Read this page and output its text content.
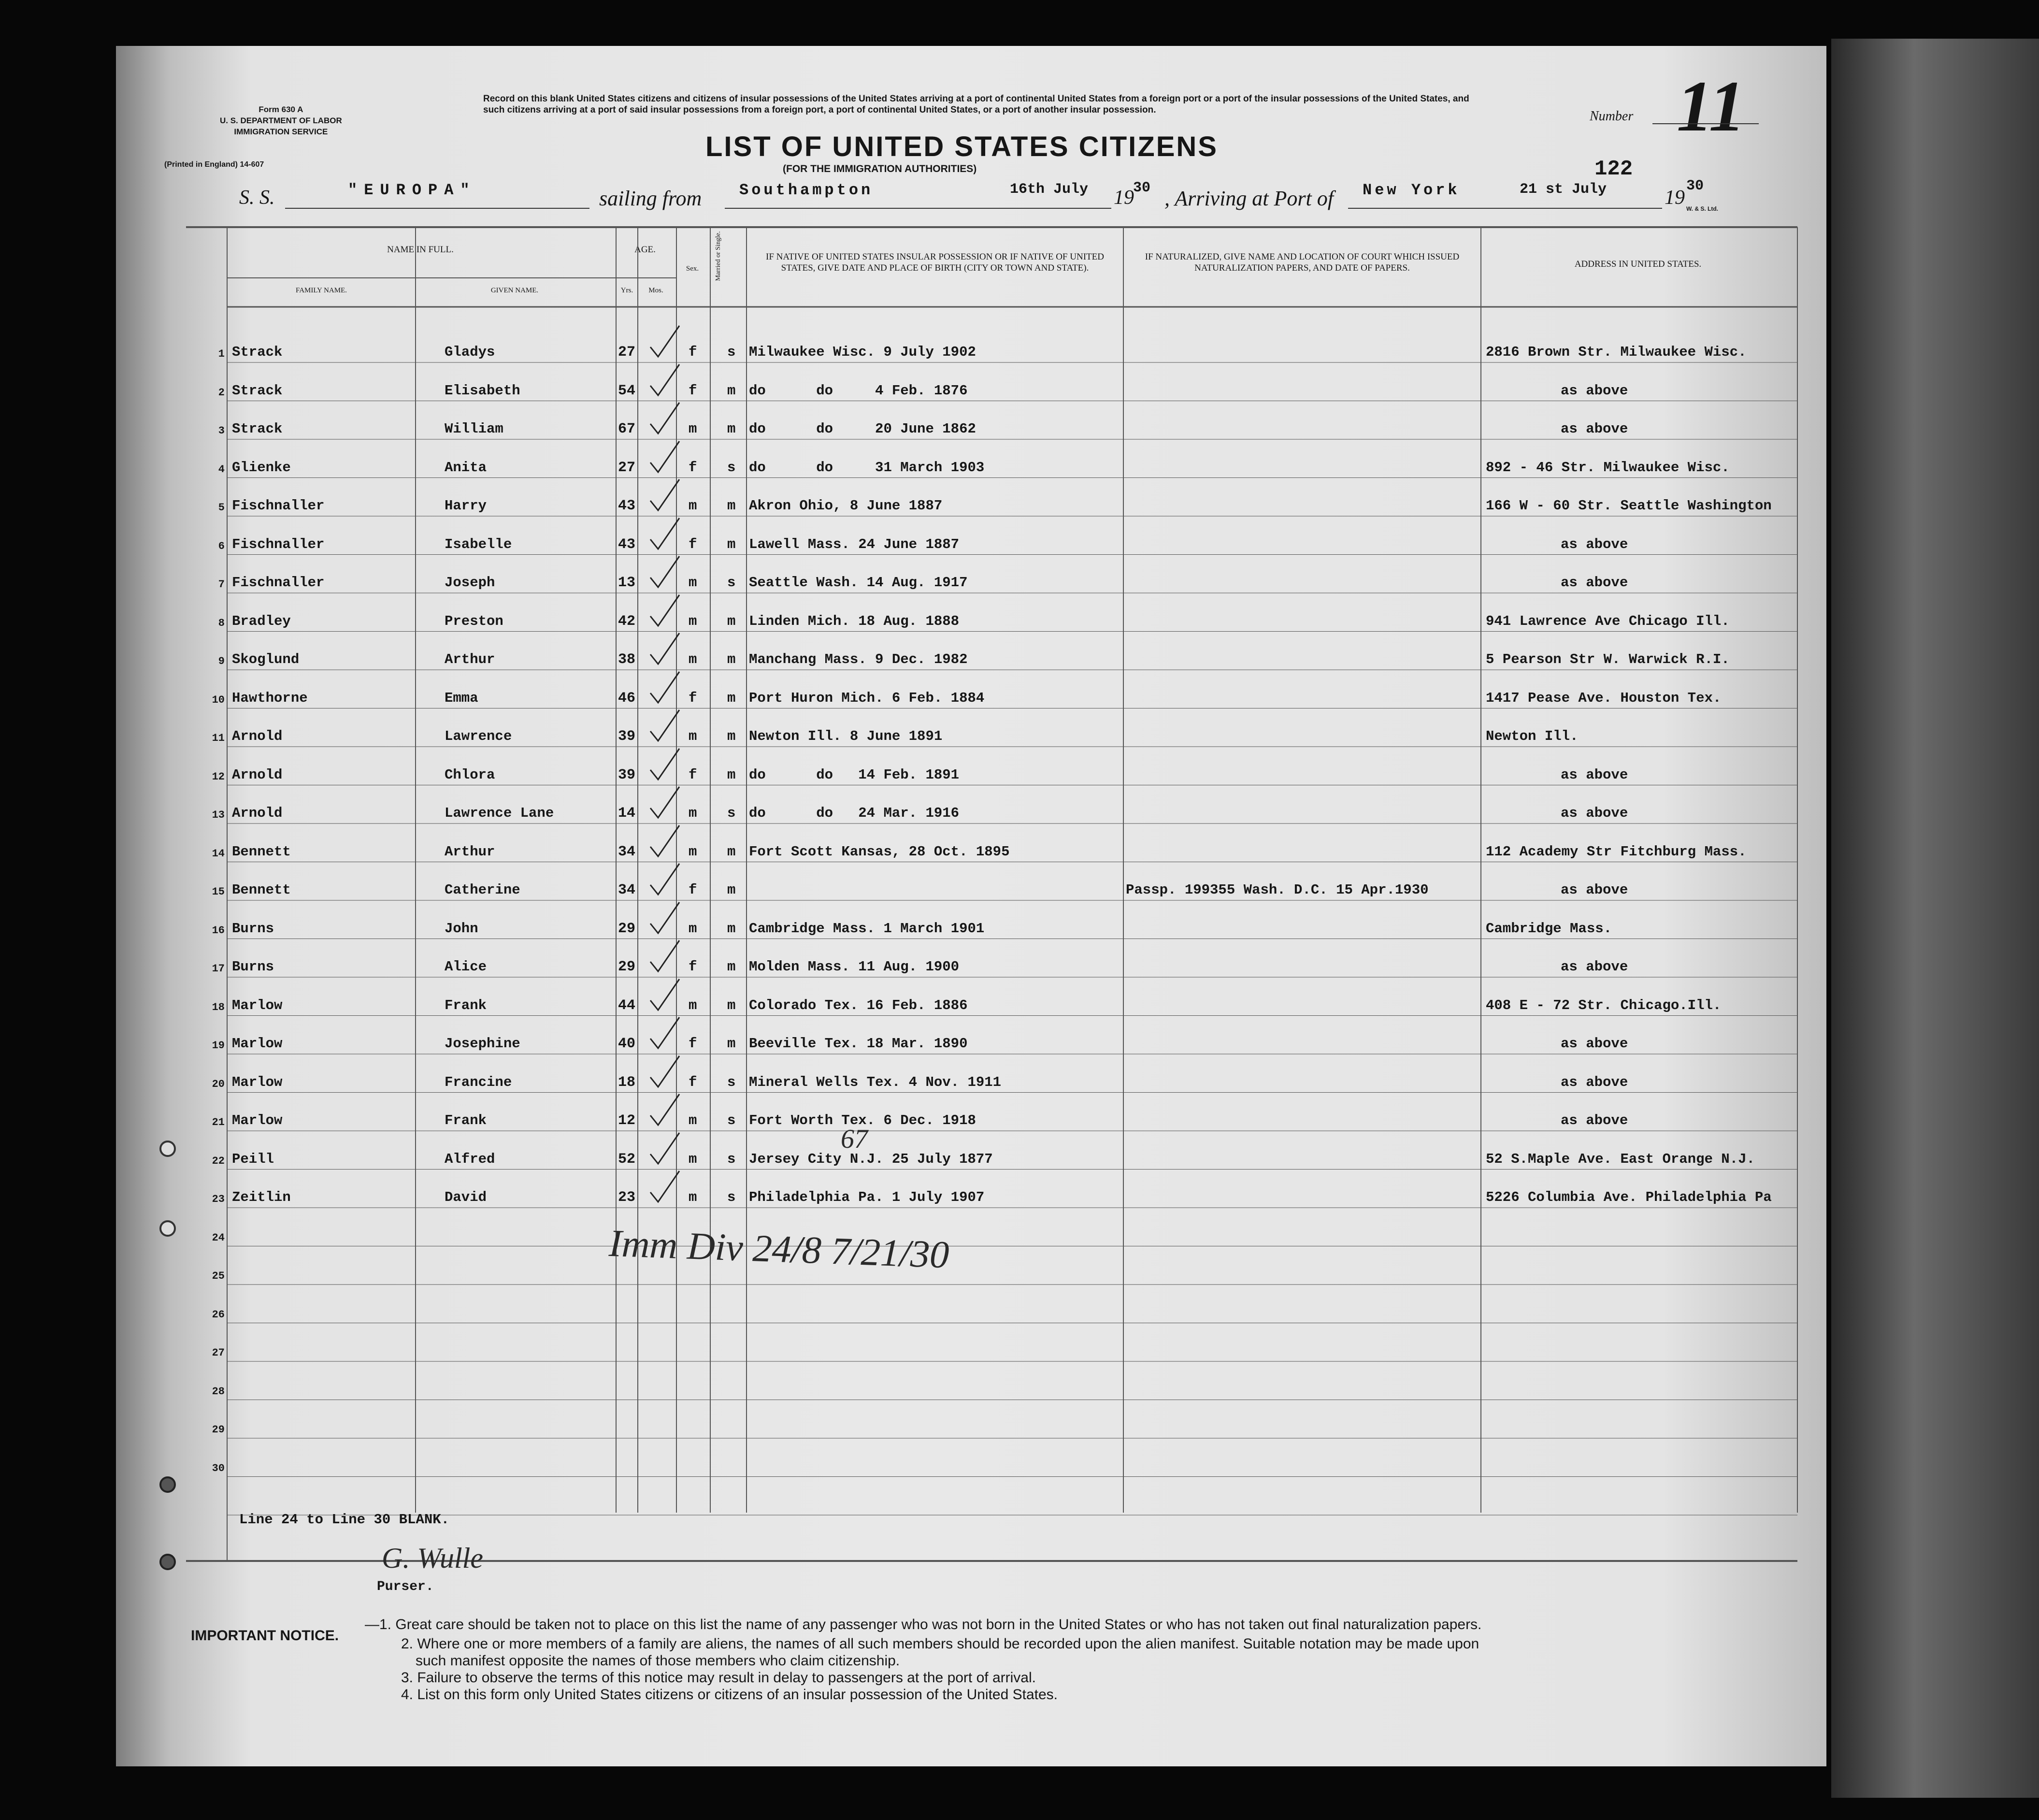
Form 630 A
U. S. DEPARTMENT OF LABOR
IMMIGRATION SERVICE
(Printed in England) 14-607
Record on this blank United States citizens and citizens of insular possessions of the United States arriving at a port of continental United States from a foreign port or a port of the insular possessions of the United States, and such citizens arriving at a port of said insular possessions from a foreign port, a port of continental United States, or a port of another insular possession.	Number 11
LIST OF UNITED STATES CITIZENS
(FOR THE IMMIGRATION AUTHORITIES)	122
S. S.	"EUROPA"	sailing from Southampton	16th July 19
30 , Arriving at Port of New York	21 st July	19
30
W. & S. Ltd.
NAME IN FULL.
FAMILY NAME.	GIVEN NAME.
AGE.
Yrs.	Mos.
Sex.	Married or Single.	IF NATIVE OF UNITED STATES INSULAR POSSESSION OR IF NATIVE OF UNITED STATES, GIVE DATE AND PLACE OF BIRTH (CITY OR TOWN AND STATE).
IF NATURALIZED, GIVE NAME AND LOCATION OF COURT WHICH ISSUED NATURALIZATION PAPERS, AND DATE OF PAPERS.	ADDRESS IN UNITED STATES.
1 Strack	Gladys	27	f s Milwaukee Wisc. 9 July 1902	2816 Brown Str. Milwaukee Wisc.
2 Strack	Elisabeth	54	f m do      do     4 Feb. 1876	as above
3 Strack	William	67	m m do      do     20 June 1862	as above
4 Glienke	Anita	27	f s do      do     31 March 1903	892 - 46 Str. Milwaukee Wisc.
5 Fischnaller	Harry	43	m m Akron Ohio, 8 June 1887	166 W - 60 Str. Seattle Washington
6 Fischnaller	Isabelle	43	f m Lawell Mass. 24 June 1887	as above
7 Fischnaller	Joseph	13	m s Seattle Wash. 14 Aug. 1917	as above
8 Bradley	Preston	42	m m Linden Mich. 18 Aug. 1888	941 Lawrence Ave Chicago Ill.
9 Skoglund	Arthur	38	m m Manchang Mass. 9 Dec. 1982	5 Pearson Str W. Warwick R.I.
10 Hawthorne	Emma	46	f m Port Huron Mich. 6 Feb. 1884	1417 Pease Ave. Houston Tex.
11 Arnold	Lawrence	39	m m Newton Ill. 8 June 1891	Newton Ill.
12 Arnold	Chlora	39	f m do      do   14 Feb. 1891	as above
13 Arnold	Lawrence Lane	14	m s do      do   24 Mar. 1916	as above
14 Bennett	Arthur	34	m m Fort Scott Kansas, 28 Oct. 1895	112 Academy Str Fitchburg Mass.
15 Bennett	Catherine	34	f m	Passp. 199355 Wash. D.C. 15 Apr.1930	as above
16 Burns	John	29	m m Cambridge Mass. 1 March 1901	Cambridge Mass.
17 Burns	Alice	29	f m Molden Mass. 11 Aug. 1900	as above
18 Marlow	Frank	44	m m Colorado Tex. 16 Feb. 1886	408 E - 72 Str. Chicago.Ill.
19 Marlow	Josephine	40	f m Beeville Tex. 18 Mar. 1890	as above
20 Marlow	Francine	18	f s Mineral Wells Tex. 4 Nov. 1911	as above
21 Marlow	Frank	12	m s Fort Worth Tex. 6 Dec. 1918	as above
22 Peill	Alfred	52	m s Jersey City N.J. 25 July 1877	52 S.Maple Ave. East Orange N.J.
23 Zeitlin	David	23	m s Philadelphia Pa. 1 July 1907	5226 Columbia Ave. Philadelphia Pa
24
25
26
27
28
29
30
Imm Div 24/8 7/21/30
67
Line 24 to Line 30 BLANK.
G. Wulle
Purser.
IMPORTANT NOTICE.
—1. Great care should be taken not to place on this list the name of any passenger who was not born in the United States or who has not taken out final naturalization papers.
2. Where one or more members of a family are aliens, the names of all such members should be recorded upon the alien manifest. Suitable notation may be made upon
such manifest opposite the names of those members who claim citizenship.
3. Failure to observe the terms of this notice may result in delay to passengers at the port of arrival.
4. List on this form only United States citizens or citizens of an insular possession of the United States.
